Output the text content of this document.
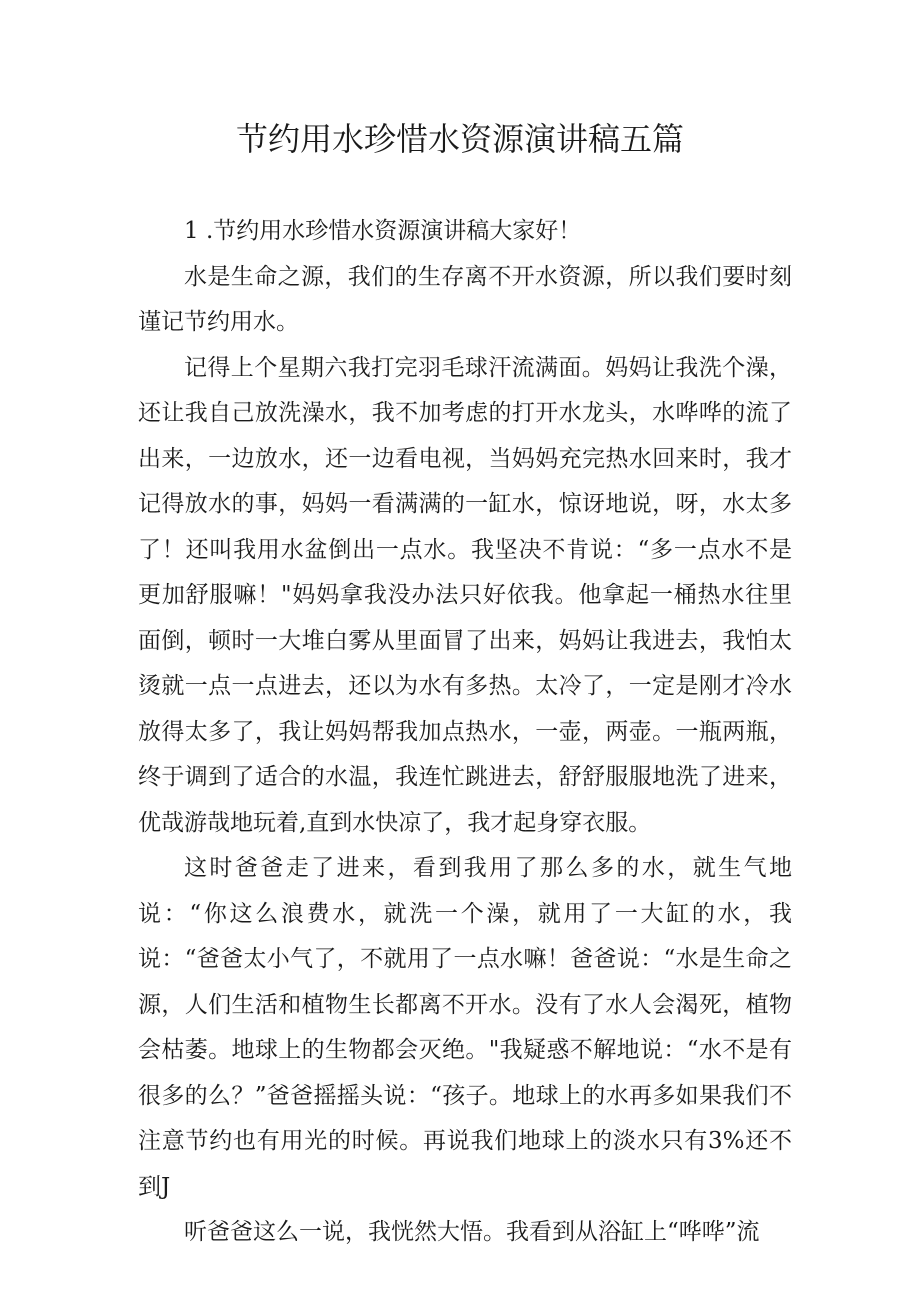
节约用水珍惜水资源演讲稿五篇

1 .节约用水珍惜水资源演讲稿大家好！

水是生命之源，我们的生存离不开水资源，所以我们要时刻谨记节约用水。

记得上个星期六我打完羽毛球汗流满面。妈妈让我洗个澡，还让我自己放洗澡水，我不加考虑的打开水龙头，水哗哗的流了出来，一边放水，还一边看电视，当妈妈充完热水回来时，我才记得放水的事，妈妈一看满满的一缸水，惊讶地说，呀，水太多了！还叫我用水盆倒出一点水。我坚决不肯说：“多一点水不是更加舒服嘛！"妈妈拿我没办法只好依我。他拿起一桶热水往里面倒，顿时一大堆白雾从里面冒了出来，妈妈让我进去，我怕太烫就一点一点进去，还以为水有多热。太冷了，一定是刚才冷水放得太多了，我让妈妈帮我加点热水，一壶，两壶。一瓶两瓶，终于调到了适合的水温，我连忙跳进去，舒舒服服地洗了进来，优哉游哉地玩着,直到水快凉了，我才起身穿衣服。

这时爸爸走了进来，看到我用了那么多的水，就生气地说：“你这么浪费水，就洗一个澡，就用了一大缸的水，我说：“爸爸太小气了，不就用了一点水嘛！爸爸说：“水是生命之源，人们生活和植物生长都离不开水。没有了水人会渴死，植物会枯萎。地球上的生物都会灭绝。"我疑惑不解地说：“水不是有很多的么？”爸爸摇摇头说：“孩子。地球上的水再多如果我们不注意节约也有用光的时候。再说我们地球上的淡水只有3%还不到J

听爸爸这么一说，我恍然大悟。我看到从浴缸上“哗哗”流
